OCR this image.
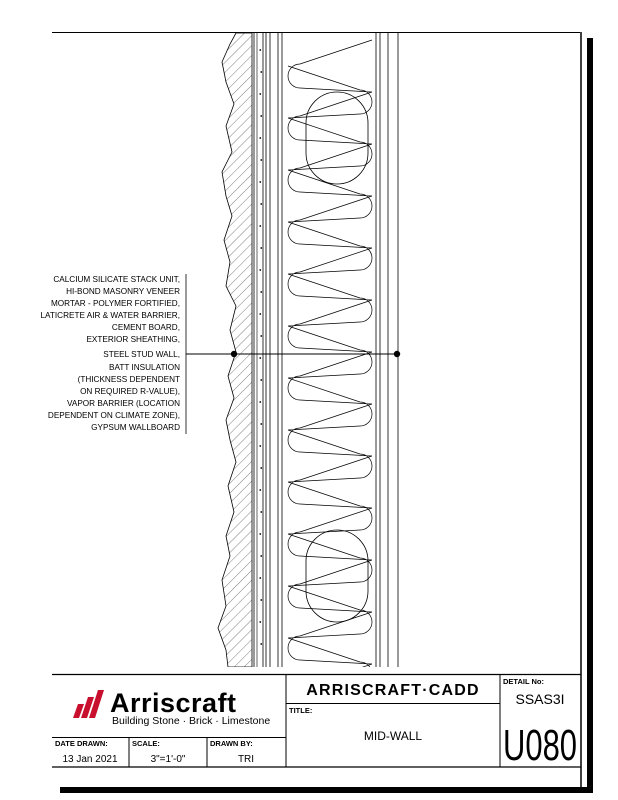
CALCIUM SILICATE STACK UNIT,
HI-BOND MASONRY VENEER
MORTAR - POLYMER FORTIFIED,
LATICRETE AIR & WATER BARRIER,
CEMENT BOARD,
EXTERIOR SHEATHING,
STEEL STUD WALL,
BATT INSULATION
(THICKNESS DEPENDENT
ON REQUIRED R-VALUE),
VAPOR BARRIER (LOCATION
DEPENDENT ON CLIMATE ZONE),
GYPSUM WALLBOARD
Arriscraft
Building Stone · Brick · Limestone
ARRISCRAFT·CADD
TITLE:
MID-WALL
DETAIL No:
SSAS3I
U080
DATE DRAWN:
13 Jan 2021
SCALE:
3"=1'-0"
DRAWN BY:
TRI
